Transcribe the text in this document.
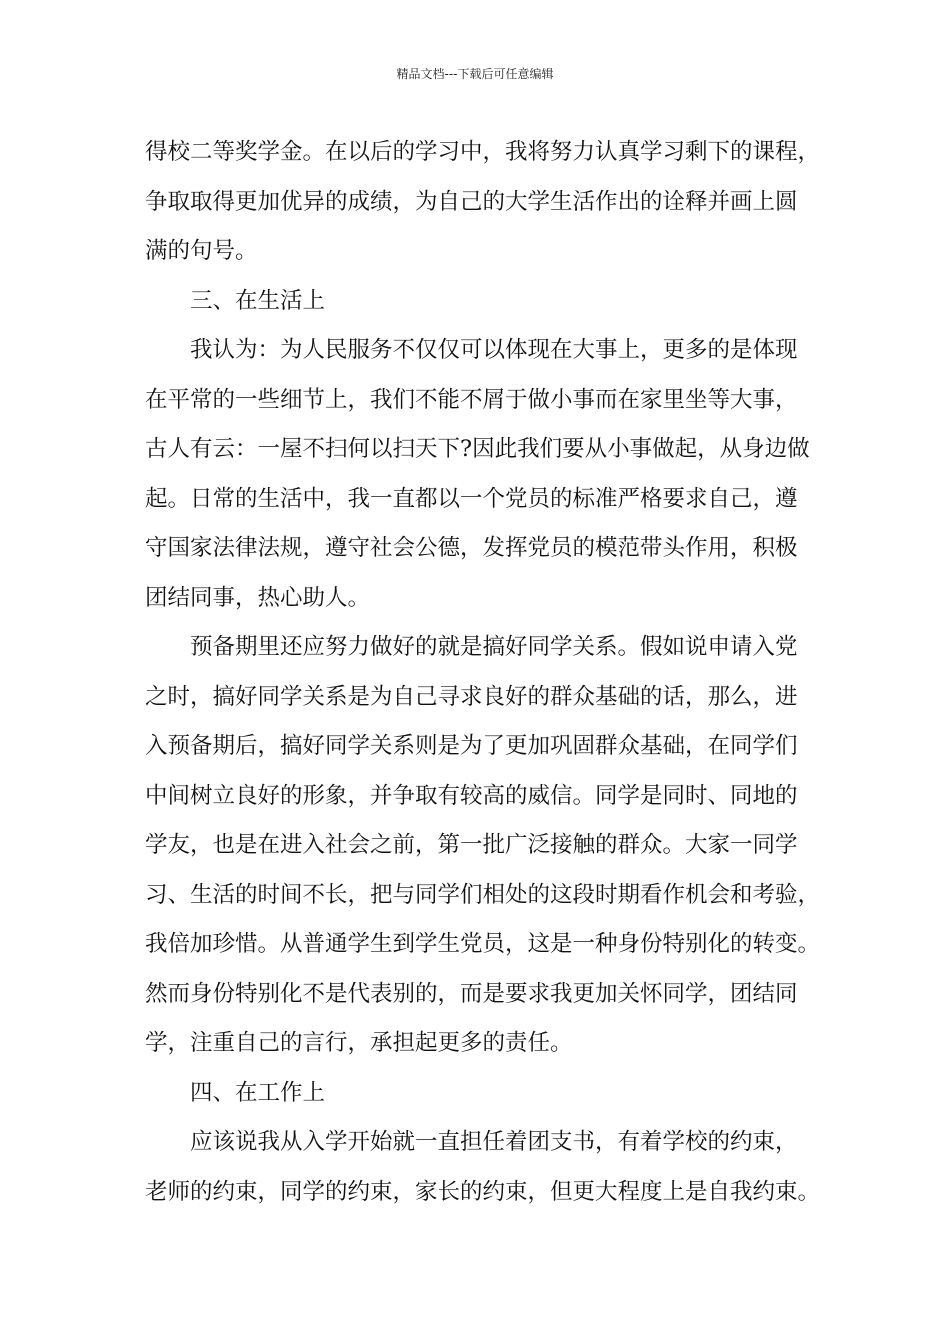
精品文档---下载后可任意编辑
得校二等奖学金。在以后的学习中，我将努力认真学习剩下的课程，
争取取得更加优异的成绩，为自己的大学生活作出的诠释并画上圆
满的句号。
三、在生活上
我认为：为人民服务不仅仅可以体现在大事上，更多的是体现
在平常的一些细节上，我们不能不屑于做小事而在家里坐等大事，
古人有云：一屋不扫何以扫天下?因此我们要从小事做起，从身边做
起。日常的生活中，我一直都以一个党员的标准严格要求自己，遵
守国家法律法规，遵守社会公德，发挥党员的模范带头作用，积极
团结同事，热心助人。
预备期里还应努力做好的就是搞好同学关系。假如说申请入党
之时，搞好同学关系是为自己寻求良好的群众基础的话，那么，进
入预备期后，搞好同学关系则是为了更加巩固群众基础，在同学们
中间树立良好的形象，并争取有较高的威信。同学是同时、同地的
学友，也是在进入社会之前，第一批广泛接触的群众。大家一同学
习、生活的时间不长，把与同学们相处的这段时期看作机会和考验，
我倍加珍惜。从普通学生到学生党员，这是一种身份特别化的转变。
然而身份特别化不是代表别的，而是要求我更加关怀同学，团结同
学，注重自己的言行，承担起更多的责任。
四、在工作上
应该说我从入学开始就一直担任着团支书，有着学校的约束，
老师的约束，同学的约束，家长的约束，但更大程度上是自我约束。
